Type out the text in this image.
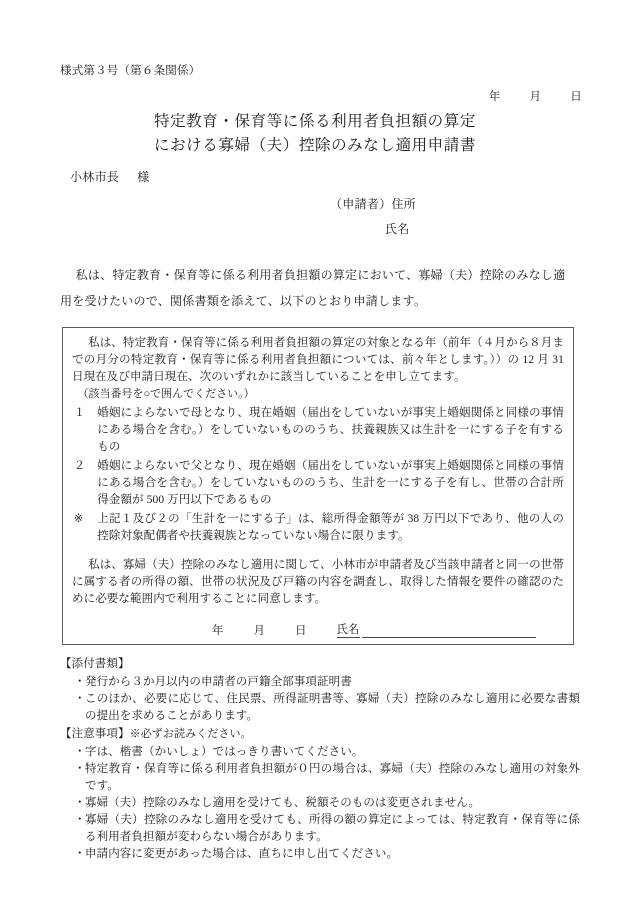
様式第３号（第６条関係）
年	月	日
特定教育・保育等に係る利用者負担額の算定
における寡婦（夫）控除のみなし適用申請書
小林市長 様
（申請者）住所
氏名
私は、特定教育・保育等に係る利用者負担額の算定において、寡婦（夫）控除のみなし適
用を受けたいので、関係書類を添えて、以下のとおり申請します。

私は、特定教育・保育等に係る利用者負担額の算定の対象となる年（前年（４月から８月までの月分の特定教育・保育等に係る利用者負担額については、前々年とします。））の 12 月 31 日現在及び申請日現在、次のいずれかに該当していることを申し立てます。

（該当番号を○で囲んでください。）

１	婚姻によらないで母となり、現在婚姻（届出をしていないが事実上婚姻関係と同様の事情にある場合を含む。）をしていないもののうち、扶養親族又は生計を一にする子を有するもの
２	婚姻によらないで父となり、現在婚姻（届出をしていないが事実上婚姻関係と同様の事情にある場合を含む。）をしていないもののうち、生計を一にする子を有し、世帯の合計所得金額が 500 万円以下であるもの
※	上記１及び２の「生計を一にする子」は、総所得金額等が 38 万円以下であり、他の人の控除対象配偶者や扶養親族となっていない場合に限ります。

私は、寡婦（夫）控除のみなし適用に関して、小林市が申請者及び当該申請者と同一の世帯に属する者の所得の額、世帯の状況及び戸籍の内容を調査し、取得した情報を要件の確認のために必要な範囲内で利用することに同意します。

年	月	日	氏名

【添付書類】

・ 発行から３か月以内の申請者の戸籍全部事項証明書
・ このほか、必要に応じて、住民票、所得証明書等、寡婦（夫）控除のみなし適用に必要な書類の提出を求めることがあります。

【注意事項】※必ずお読みください。

・ 字は、楷書（かいしょ）ではっきり書いてください。
・ 特定教育・保育等に係る利用者負担額が０円の場合は、寡婦（夫）控除のみなし適用の対象外です。
・ 寡婦（夫）控除のみなし適用を受けても、税額そのものは変更されません。
・ 寡婦（夫）控除のみなし適用を受けても、所得の額の算定によっては、特定教育・保育等に係る利用者負担額が変わらない場合があります。
・ 申請内容に変更があった場合は、直ちに申し出てください。
